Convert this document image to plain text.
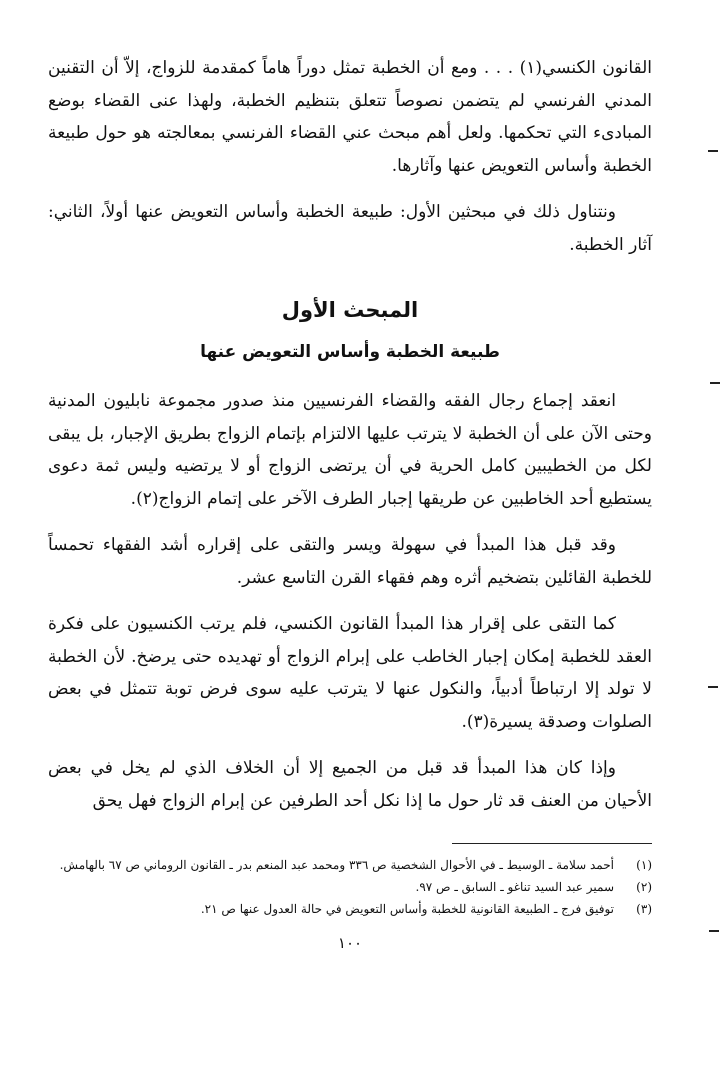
القانون الكنسي(١) . . . ومع أن الخطبة تمثل دوراً هاماً كمقدمة للزواج، إلاّ أن التقنين المدني الفرنسي لم يتضمن نصوصاً تتعلق بتنظيم الخطبة، ولهذا عنى القضاء بوضع المبادىء التي تحكمها. ولعل أهم مبحث عني القضاء الفرنسي بمعالجته هو حول طبيعة الخطبة وأساس التعويض عنها وآثارها.

ونتناول ذلك في مبحثين الأول: طبيعة الخطبة وأساس التعويض عنها أولاً، الثاني: آثار الخطبة.

المبحث الأول
طبيعة الخطبة وأساس التعويض عنها

انعقد إجماع رجال الفقه والقضاء الفرنسيين منذ صدور مجموعة نابليون المدنية وحتى الآن على أن الخطبة لا يترتب عليها الالتزام بإتمام الزواج بطريق الإجبار، بل يبقى لكل من الخطيبين كامل الحرية في أن يرتضى الزواج أو لا يرتضيه وليس ثمة دعوى يستطيع أحد الخاطبين عن طريقها إجبار الطرف الآخر على إتمام الزواج(٢).

وقد قبل هذا المبدأ في سهولة ويسر والتقى على إقراره أشد الفقهاء تحمساً للخطبة القائلين بتضخيم أثره وهم فقهاء القرن التاسع عشر.

كما التقى على إقرار هذا المبدأ القانون الكنسي، فلم يرتب الكنسيون على فكرة العقد للخطبة إمكان إجبار الخاطب على إبرام الزواج أو تهديده حتى يرضخ. لأن الخطبة لا تولد إلا ارتباطاً أدبياً، والنكول عنها لا يترتب عليه سوى فرض توبة تتمثل في بعض الصلوات وصدقة يسيرة(٣).

وإذا كان هذا المبدأ قد قبل من الجميع إلا أن الخلاف الذي لم يخل في بعض الأحيان من العنف قد ثار حول ما إذا نكل أحد الطرفين عن إبرام الزواج فهل يحق

(١)
أحمد سلامة ـ الوسيط ـ في الأحوال الشخصية ص ٣٣٦ ومحمد عبد المنعم بدر ـ القانون الروماني ص ٦٧ بالهامش.
(٢)
سمير عبد السيد تناغو ـ السابق ـ ص ٩٧.
(٣)
توفيق فرج ـ الطبيعة القانونية للخطبة وأساس التعويض في حالة العدول عنها ص ٢١.
١٠٠
